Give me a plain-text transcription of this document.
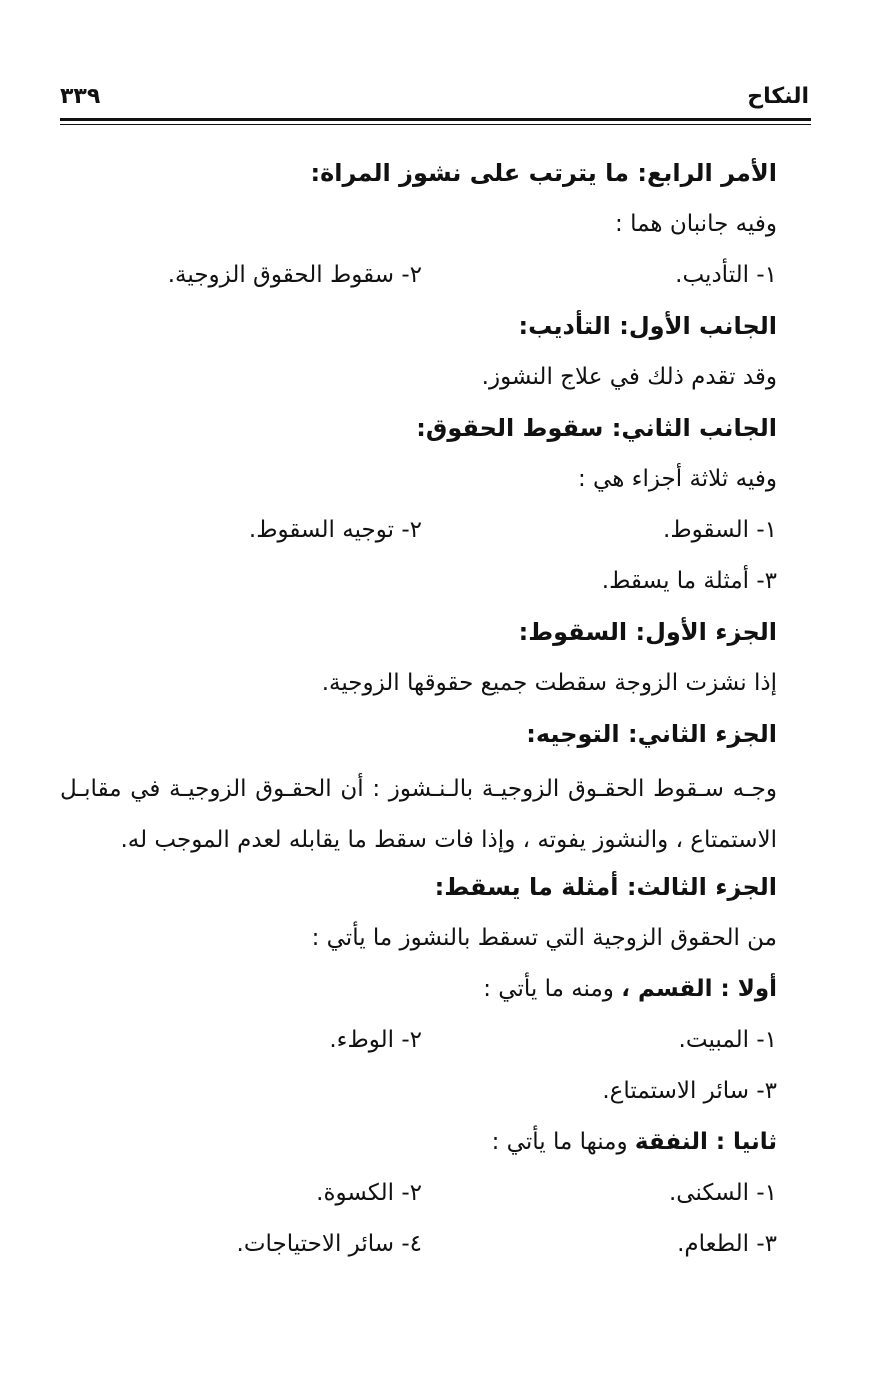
النكاح
٣٣٩
الأمر الرابع: ما يترتب على نشوز المراة:
وفيه جانبان هما :
١- التأديب.
٢- سقوط الحقوق الزوجية.
الجانب الأول: التأديب:
وقد تقدم ذلك في علاج النشوز.
الجانب الثاني: سقوط الحقوق:
وفيه ثلاثة أجزاء هي :
١- السقوط.
٢- توجيه السقوط.
٣- أمثلة ما يسقط.
الجزء الأول: السقوط:
إذا نشزت الزوجة سقطت جميع حقوقها الزوجية.
الجزء الثاني: التوجيه:
وجـه سـقوط الحقـوق الزوجيـة بالـنـشوز : أن الحقـوق الزوجيـة في مقابـل
الاستمتاع ، والنشوز يفوته ، وإذا فات سقط ما يقابله لعدم الموجب له.
الجزء الثالث: أمثلة ما يسقط:
من الحقوق الزوجية التي تسقط بالنشوز ما يأتي :
أولا : القسم ، ومنه ما يأتي :
١- المبيت.
٢- الوطء.
٣- سائر الاستمتاع.
ثانيا : النفقة ومنها ما يأتي :
١- السكنى.
٢- الكسوة.
٣- الطعام.
٤- سائر الاحتياجات.
